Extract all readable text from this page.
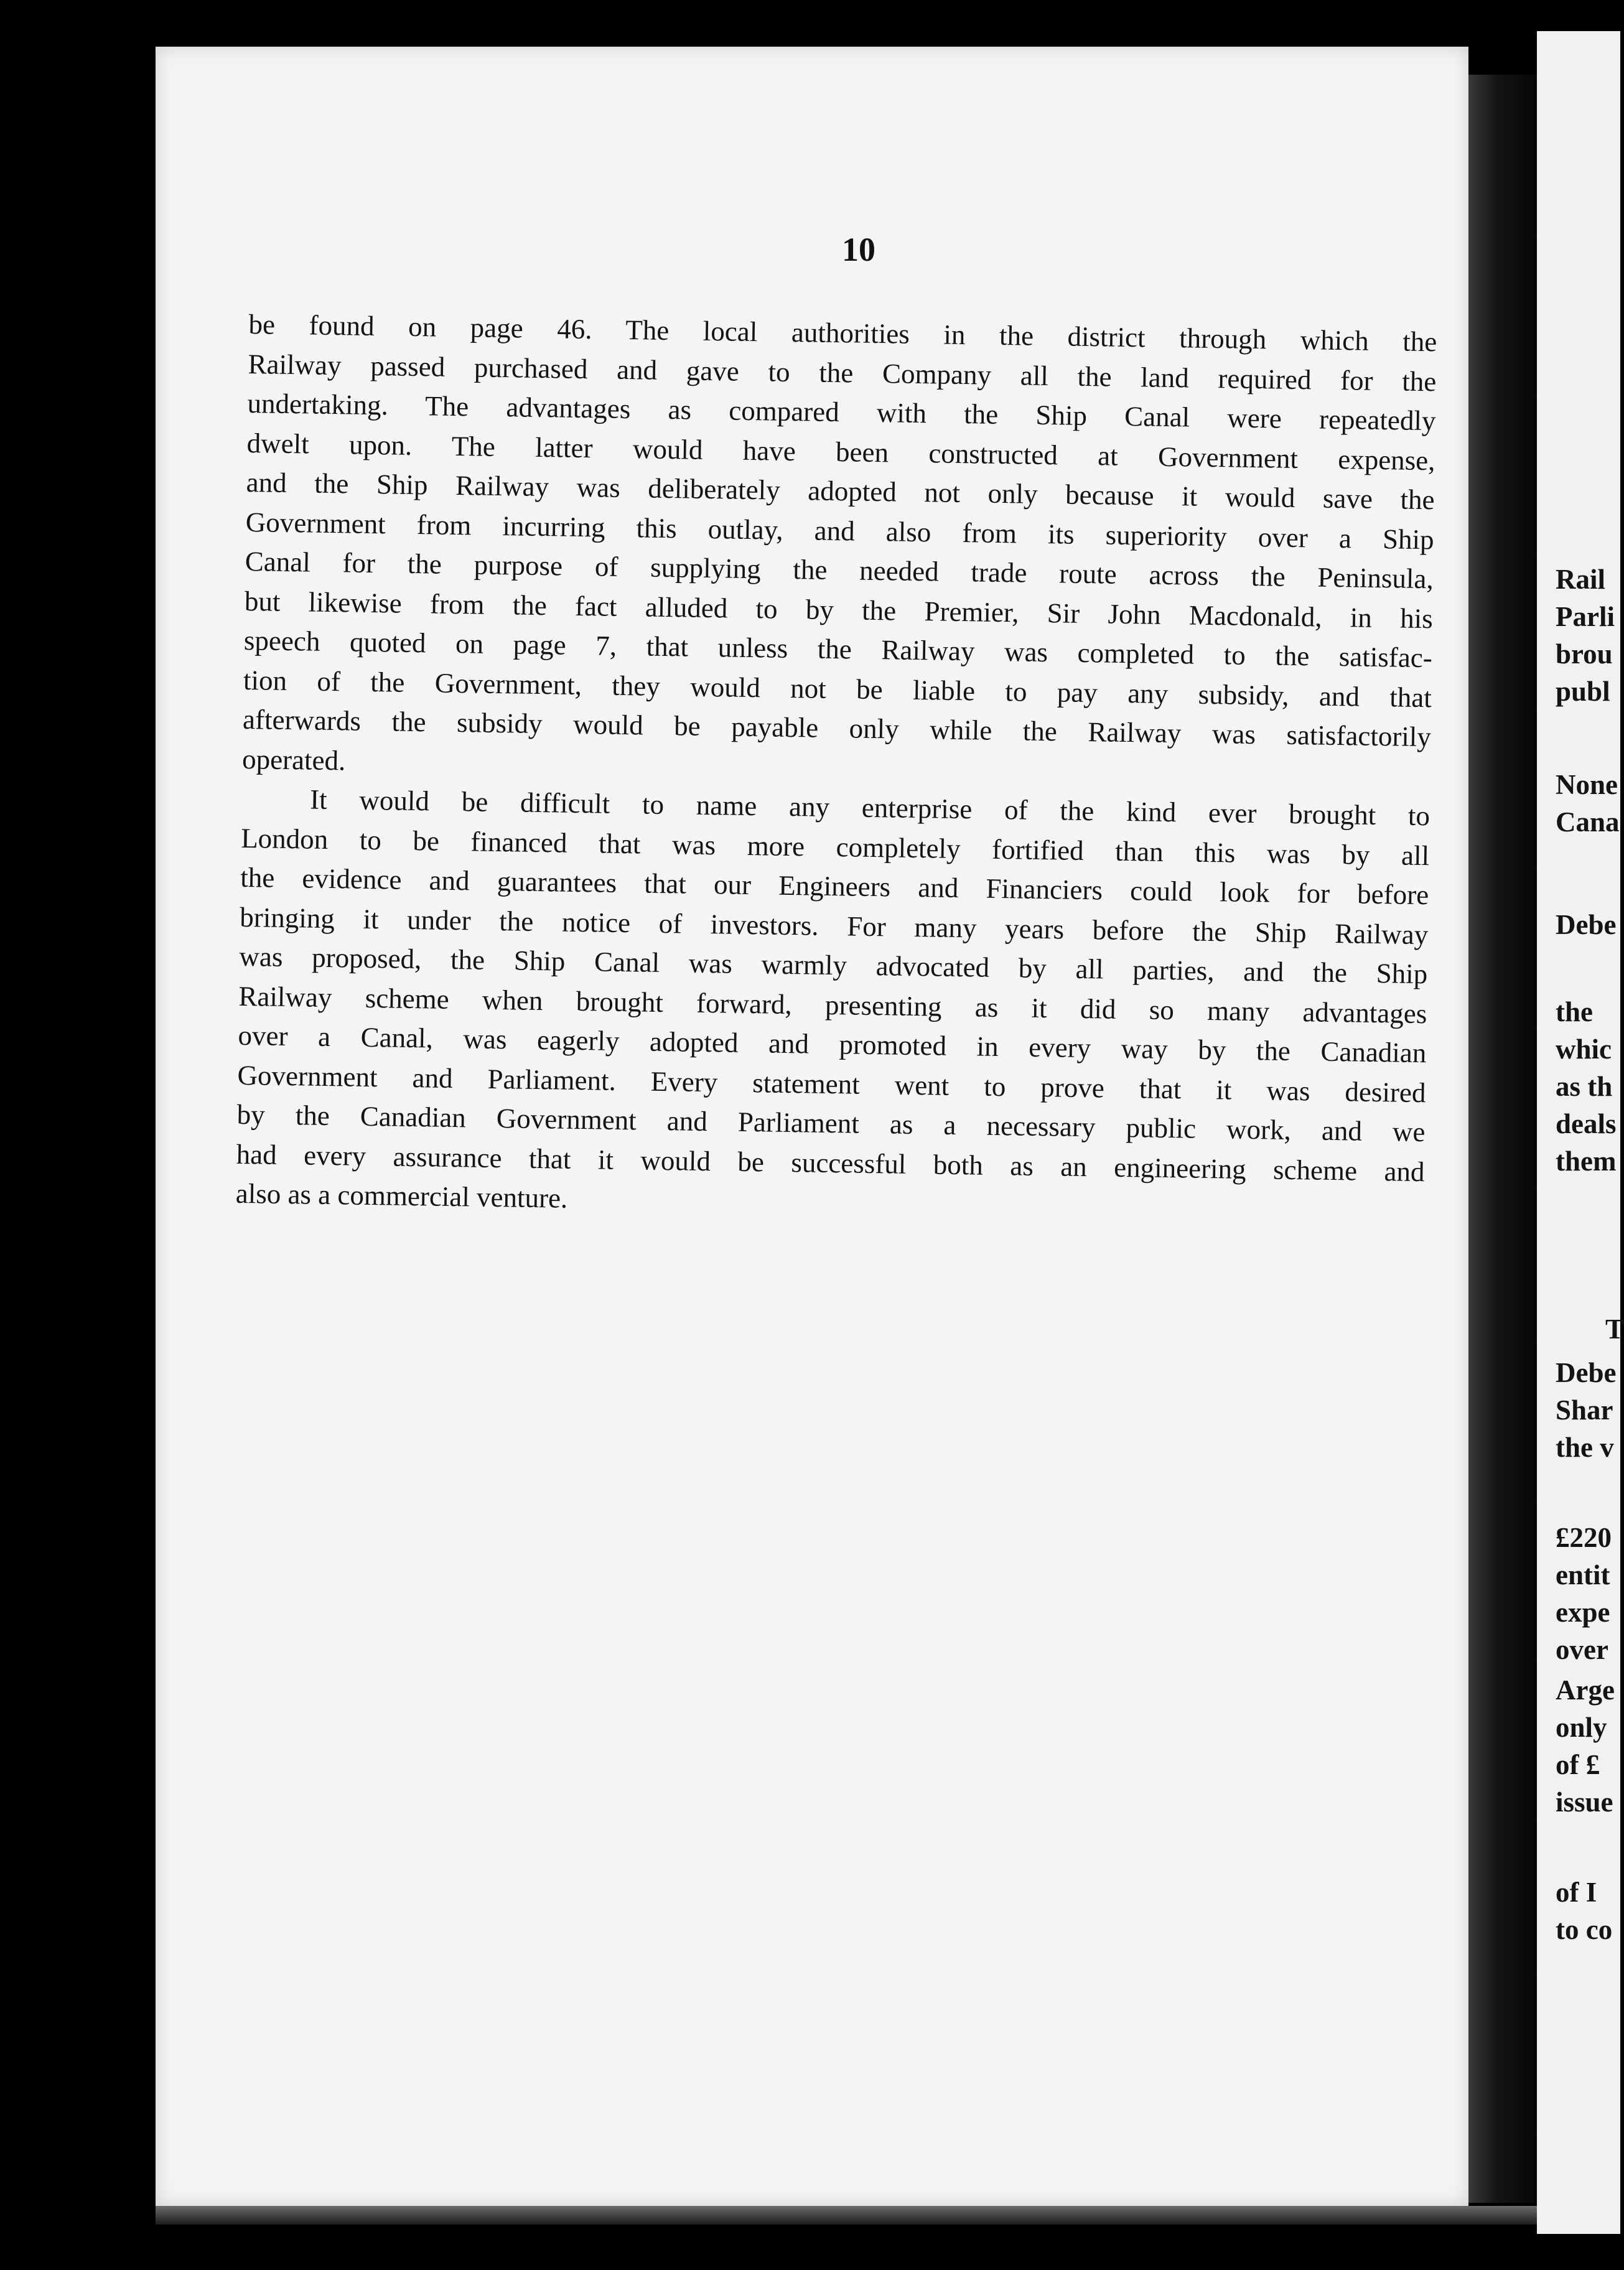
10
be found on page 46. The local authorities in the district through which the
Railway passed purchased and gave to the Company all the land required for the
undertaking. The advantages as compared with the Ship Canal were repeatedly
dwelt upon. The latter would have been constructed at Government expense,
and the Ship Railway was deliberately adopted not only because it would save the
Government from incurring this outlay, and also from its superiority over a Ship
Canal for the purpose of supplying the needed trade route across the Peninsula,
but likewise from the fact alluded to by the Premier, Sir John Macdonald, in his
speech quoted on page 7, that unless the Railway was completed to the satisfac-
tion of the Government, they would not be liable to pay any subsidy, and that
afterwards the subsidy would be payable only while the Railway was satisfactorily
operated.
It would be difficult to name any enterprise of the kind ever brought to
London to be financed that was more completely fortified than this was by all
the evidence and guarantees that our Engineers and Financiers could look for before
bringing it under the notice of investors. For many years before the Ship Railway
was proposed, the Ship Canal was warmly advocated by all parties, and the Ship
Railway scheme when brought forward, presenting as it did so many advantages
over a Canal, was eagerly adopted and promoted in every way by the Canadian
Government and Parliament. Every statement went to prove that it was desired
by the Canadian Government and Parliament as a necessary public work, and we
had every assurance that it would be successful both as an engineering scheme and
also as a commercial venture.
Rail
Parli
brou
publ
None
Cana
Debe
the
whic
as th
deals
them
T
Debe
Shar
the v
£220
entit
expe
over
Arge
only
of £
issue
of I
to co
